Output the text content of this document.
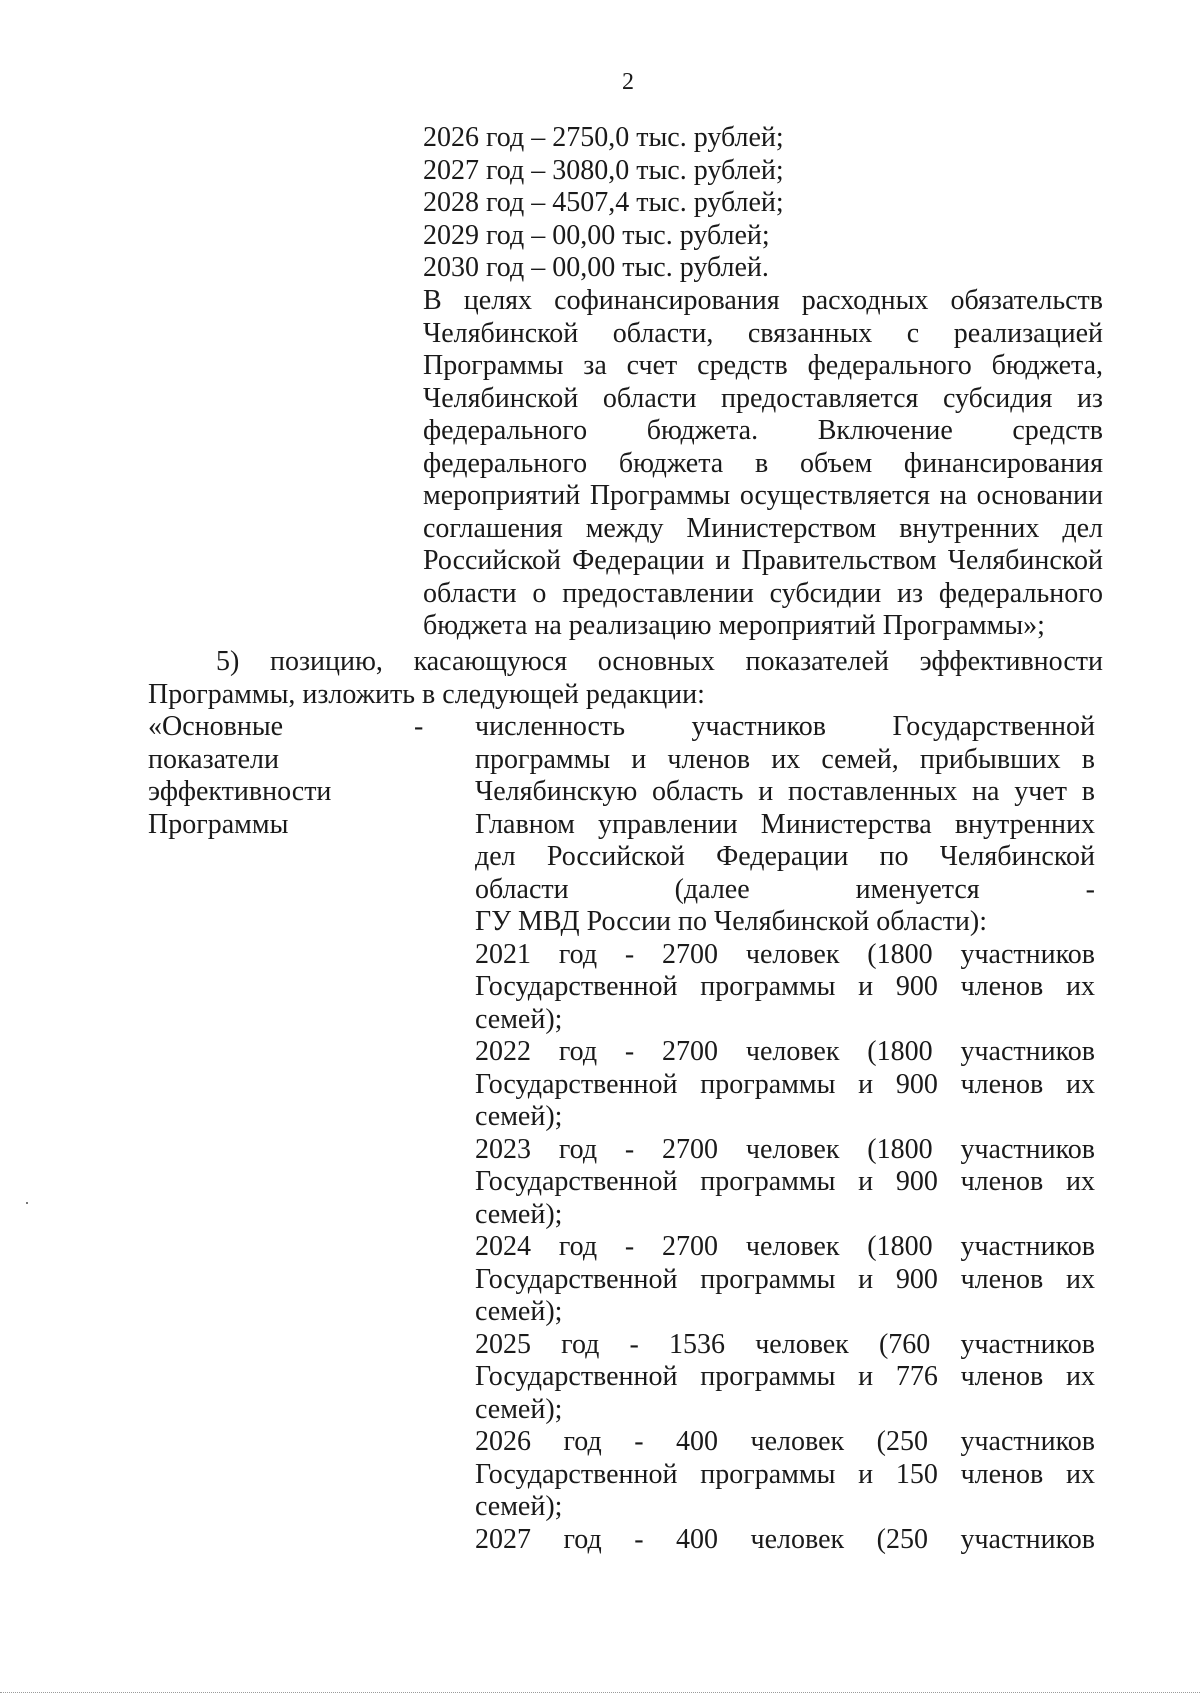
2
2026 год – 2750,0 тыс. рублей;
2027 год – 3080,0 тыс. рублей;
2028 год – 4507,4 тыс. рублей;
2029 год – 00,00 тыс. рублей;
2030 год – 00,00 тыс. рублей.
В целях софинансирования расходных обязательств
Челябинской области, связанных с реализацией
Программы за счет средств федерального бюджета,
Челябинской области предоставляется субсидия из
федерального бюджета. Включение средств
федерального бюджета в объем финансирования
мероприятий Программы осуществляется на основании
соглашения между Министерством внутренних дел
Российской Федерации и Правительством Челябинской
области о предоставлении субсидии из федерального
бюджета на реализацию мероприятий Программы»;
5) позицию, касающуюся основных показателей эффективности
Программы, изложить в следующей редакции:
«Основные
показатели
эффективности
Программы
- численность участников Государственной
программы и членов их семей, прибывших в
Челябинскую область и поставленных на учет в
Главном управлении Министерства внутренних
дел Российской Федерации по Челябинской
области (далее именуется -
ГУ МВД России по Челябинской области):
2021 год - 2700 человек (1800 участников
Государственной программы и 900 членов их
семей);
2022 год - 2700 человек (1800 участников
Государственной программы и 900 членов их
семей);
2023 год - 2700 человек (1800 участников
Государственной программы и 900 членов их
семей);
2024 год - 2700 человек (1800 участников
Государственной программы и 900 членов их
семей);
2025 год - 1536 человек (760 участников
Государственной программы и 776 членов их
семей);
2026 год - 400 человек (250 участников
Государственной программы и 150 членов их
семей);
2027 год - 400 человек (250 участников
